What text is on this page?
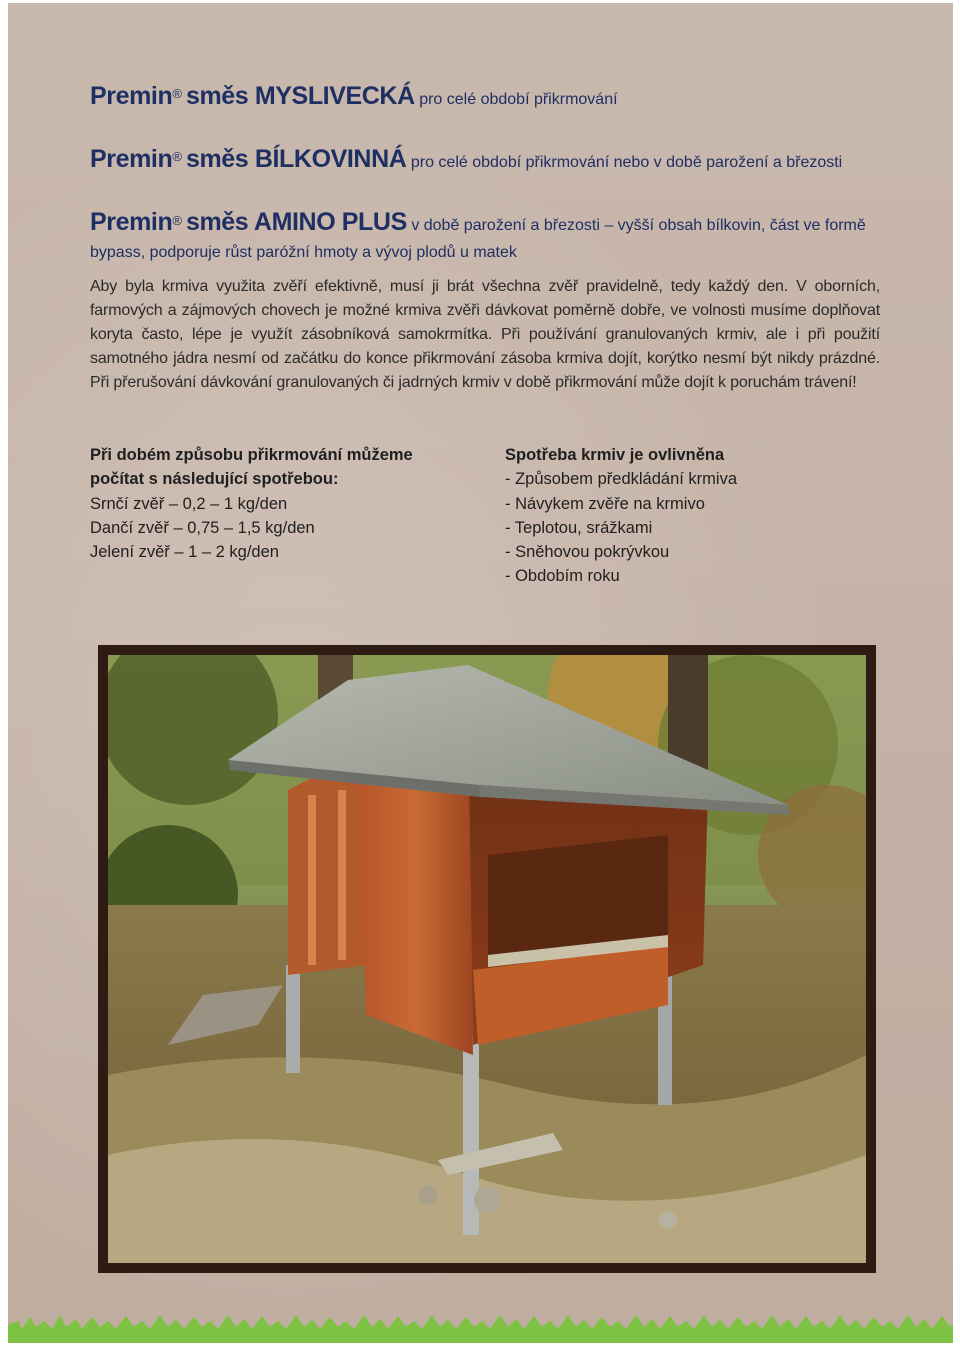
Premin® směs MYSLIVECKÁ pro celé období přikrmování
Premin® směs BÍLKOVINNÁ pro celé období přikrmování nebo v době parožení a březosti
Premin® směs AMINO PLUS v době parožení a březosti – vyšší obsah bílkovin, část ve formě
bypass, podporuje růst paróžní hmoty a vývoj plodů u matek
Aby byla krmiva využita zvěří efektivně, musí ji brát všechna zvěř pravidelně, tedy každý den. V oborních, farmových a zájmových chovech je možné krmiva zvěři dávkovat poměrně dobře, ve volnosti musíme doplňovat koryta často, lépe je využít zásobníková samokrmítka. Při používání granulovaných krmiv, ale i při použití samotného jádra nesmí od začátku do konce přikrmování zásoba krmiva dojít, korýtko nesmí být nikdy prázdné. Při přerušování dávkování granulovaných či jadrných krmiv v době přikrmování může dojít k poruchám trávení!
Při dobém způsobu přikrmování můžeme
počítat s následující spotřebou:
Srnčí zvěř – 0,2 – 1 kg/den
Dančí zvěř – 0,75 – 1,5 kg/den
Jelení zvěř – 1 – 2 kg/den
Spotřeba krmiv je ovlivněna
- Způsobem předkládání krmiva
- Návykem zvěře na krmivo
- Teplotou, srážkami
- Sněhovou pokrývkou
- Obdobím roku
